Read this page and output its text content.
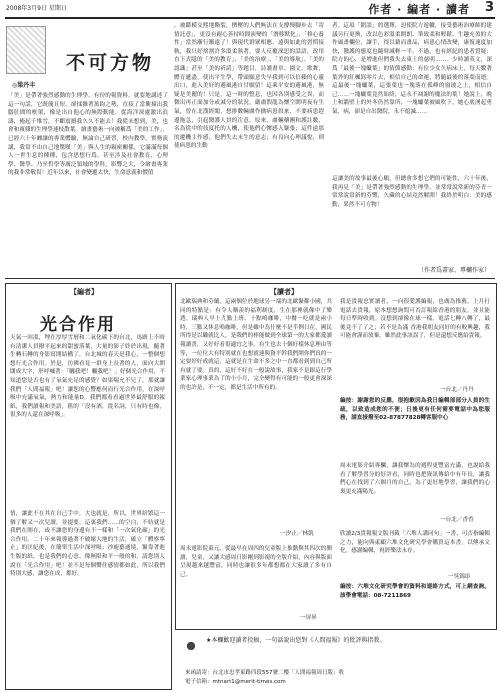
2008年3月9日 星期日	作者 · 編者 · 讀者 3
不可方物
◎梁丹丰
「美」是帶著強烈感動的生理學。有份的報資料，就要地講述了這一句話，它既簡且短，卻揉雜著萬鈞之勢，直接了當衝撞出我腦肚間的框架，像是出自他心的無際動能，從海洋深處激出浪濤，掩起千堆雪，不斷震撼我久久不能去！我從未想到，美，也會和複雜的生理學連枝散葉。繪畫藝術一向被稱爲「美的工作」，已經六十年纏讓的專業體驗，無論自己研習，校內教學、實務演講，我常不由自己地驚嘆「美」與人生的親密關係，它滿滿每個人一世生息的種種，包含思想行爲，甚至涉及社會教育、心理學、醫學、乃至哲學等廣泛領域的學科，影響之大，令繪畫專業的我非常敬畏！近年以來，社會變遷太快，生命意義和價值
，被鑑模交熙地撕裂，擠壓的人們無法在支撐慢腳步去「寄情託意」，更沒有耐心善持時間演變的「潛移默化」，「修心養性」當然漸行漸遠了！與現代群眾相應，遠與如此的習慣接軌，我只好捨割許多溫柔執著，要人反覆深思的話語，改用直下式隱的「美的教育」、「美的治療」、「美的導航」、「美的認識」甚至「美的祈請」等題目，詩讀畫章、園文、歌舞，體育遞盡，使出平生學，帶頭願意失早我到可以信賴的心靈出口，進入美好的避風港自甘願留！這乘平安的避風港，無疑是美麗的！只是，這一時的整息，也因各別感受之異，而微出再正面加分或減分的狀況。嚴肅假龍為懷空閑明夜有生氣，曾在北漢經聞，想排數輛盧作擒病患叙來，不要病患趕邊拖急，引起醫護人員的注意。原來，盧輛藥團和護註數，名為從中的技度托的人機，使他們心懷感入緊張；這件遠那的遷機主作感，他們失去末生的意志；有良向心理議悅，則使病患的生動
者。這項「錯誤」的選擇，迫使院方遊轍，接受藝術治療師的建議另行更換，改以色彩溫柔開朗、筆致柔和輕鬆、生趣充盈的大作風畫欄位，讓手，得以藉而畫品，病患心情改變，康復速度加快，醫護的態度也隨時減輕一半。不過，也有經紀的患者質疑：院方的心，是增進但們我失去東土的慈明……。少時讀英文，深爲「最後一塊蠟葉」的情節感動：有位少女久病床上，每天數著葉外的紅楓寫零片去，相信自己的命運，將隨最後的落葉而逝。這最後一塊蠟葉，這張葉也一塊落在孤峰的窗玻之上，相信自己……一塊蠟葉竟然始終，這永不凋謝的魔法的葉！她說上，晚上和牆壁上的外冬仍然靠所，一塊蠟葉被風吹下，她心底湧起勇氣，病，卻是自出醫院，永不熄滅……
這讓美的故事最後心願，但總會多想它們的可能性，六十年後，我再見「美」是帶著強烈感動的生理學，並常常說常新的芬青一常常說常新的芬響，久藏的心結竟然解開！我終於明白：美的感動，果然不可方物！
（作者爲畫家、專欄作家）
【編者】
光合作用
天氣一回溫，埋在厚厚雪層和二氧化碳下的台北，馬路上不時有清潔人員撥平起來的甜蜜落葉，大量的影子終於出現，隨著生轉石轉的身影寫開結構了，台北城的春天是我心，一整個想想行光合作用。於是，彷佛看見一群身上長著的人，面向大開闊成大字，形呼喊著：「曬我吧！曬我吧！」好個光合作用，不知道您是否也有了氧氣充足的感覺？如果喘允不兄了，那就讓我們「人間福報」吧！讓您的心響應何而行光合作用，在深呼吸中充滿氧氣，熱力和能量D。我們都看看過世界最舒服的報紙，我們讀報和美語，舊的「沒有酒，從名詞，只有時也像，很多的人還在深呼吸」。
情，讓此不在其在自己手中，大也就是，所以，世界紛繁這一個了解又一次兒讀，並提要，這裏我們……的空白，不妨就是我們在開在，或不讓您的身邊有不一樣和「一次氣化碳」的光合作用。二十年來報導過著不破壞大地的生活，確立「體察寧止」的匡紀後，在簡單生活中深呼吸；沙鹿藝通境，緊靠著進生版的紙，也是我們的心意。像無限和平一般的和。請您別人說在「光合作用」吧！並不是每個嚮往感情都如此，所以我們特別大感，讓您在成，都好。
【讀者】
北歐瑞典和芬蘭，這兩個位於地球另一端的北歐緊鄰小國，共同的特點是：有令人稱羨的福利制度，生在那裡就像中了樂透。瑞典人早上九點上班、十點鳴咖啡，中餐一吃就是兩小時，三點又休息鳴咖啡，但是雖中為什麼不是半例日在，國民所得是以職就比人，是我們的棒能做到全球第一的大家都愛讀報讀書，又好好看很適宜之事，有生也去十個好樣休息理由等等，一位位大有特別就在也想就連與資平幹我們開你們真的一定要好好成就這，這就是在生命不多之中一直都看到到自己所有就了要。真的，這好不好在一般說故事，我家不是跟這行學業家心理事業為了的小小月，完全變得有可能的一般更會深深的也許是，不一定，都是生活中所有的。
一汐止／林凱
周末電影院東元，從最早在周四的兒童版上推動與其四次的閱讀，兒童，又讓大感周日影剛到影視的全版介紹，內容與版面呈現越來越豐富，同時也讓很多年都想都在大家讀了多有自己。
一屏昇
我是貴報忠實讀者，一向很愛護編報，也廣為推薦。上月打電話去貴報，原本想想詢問可否訂報給香港的朋友，並且能每日準時收到。沒想到卻像在球一樣，電話七轉八轉了，最後竟不了了之；若不是為滿 香港我朋友同好的有較興趣，我可能會謹而放棄，雖然此事該誤了，但是還想反應給貴報。
一台北／丹丹
編按：謝謝您的反應，很抱歉因為我日編輯部部分人員的生疏，以致造成您的不便；日後更有任何需要電話中為您服務，請直接撥至02-87877828轉客服中心
周末電影介紹專欄，讓我懷為的週程更豐富充滿，也說給我看了解學習分的好評看，同時也把資訊傳給中有年長，讓我們心在找到了六個月的自己，為了更好地學習，讓我們的心裏更充滿陽光。
一台北／香香
欣讀2/3貴報報文版刊載「六堆人講同句」一書，可否指編輯之力，能向與東顧六堆文化研究學會購買這本書，以傳承文化。感謝編輯，祝經樂法永存。
一吳錦添
編按：六堆文化研究學會的資料和連絡方式，可上網查詢。該學會電話：08-7211869
★本欄歡迎讀者投稿，一句話說出您對《人間福報》的批評與指教。
來函請寄：台北市忠孝東路四段557號二樓「人間福報周日版」收
電子信箱：mtnart1@merit-times.com
